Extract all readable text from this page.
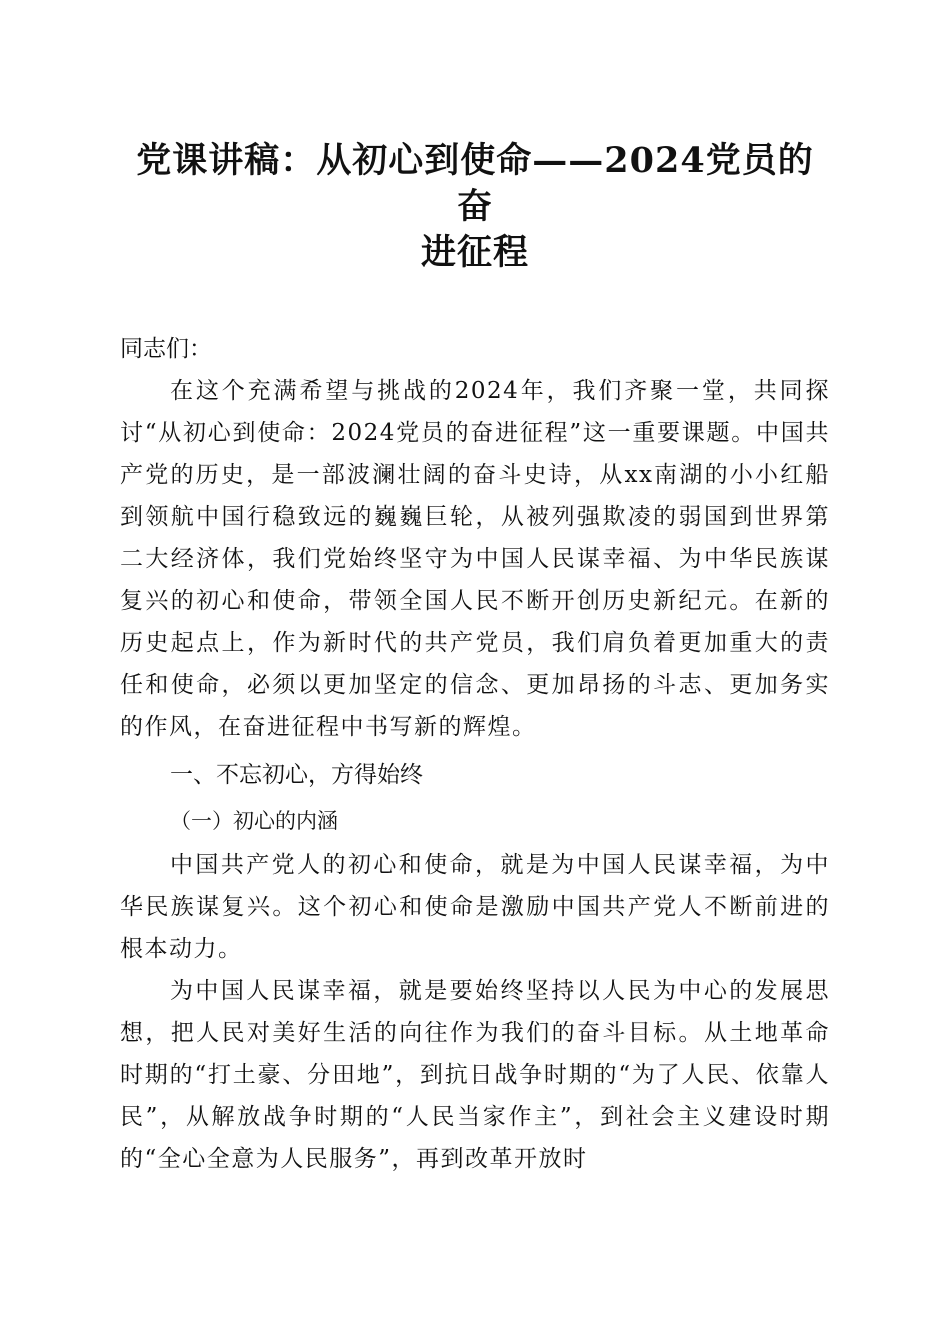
党课讲稿：从初心到使命——2024党员的奋
进征程
同志们：

在这个充满希望与挑战的2024年，我们齐聚一堂，共同探讨“从初心到使命：2024党员的奋进征程”这一重要课题。中国共产党的历史，是一部波澜壮阔的奋斗史诗，从xx南湖的小小红船到领航中国行稳致远的巍巍巨轮，从被列强欺凌的弱国到世界第二大经济体，我们党始终坚守为中国人民谋幸福、为中华民族谋复兴的初心和使命，带领全国人民不断开创历史新纪元。在新的历史起点上，作为新时代的共产党员，我们肩负着更加重大的责任和使命，必须以更加坚定的信念、更加昂扬的斗志、更加务实的作风，在奋进征程中书写新的辉煌。

一、不忘初心，方得始终
（一）初心的内涵

中国共产党人的初心和使命，就是为中国人民谋幸福，为中华民族谋复兴。这个初心和使命是激励中国共产党人不断前进的根本动力。

为中国人民谋幸福，就是要始终坚持以人民为中心的发展思想，把人民对美好生活的向往作为我们的奋斗目标。从土地革命时期的“打土豪、分田地”，到抗日战争时期的“为了人民、依靠人民”，从解放战争时期的“人民当家作主”，到社会主义建设时期的“全心全意为人民服务”，再到改革开放时
